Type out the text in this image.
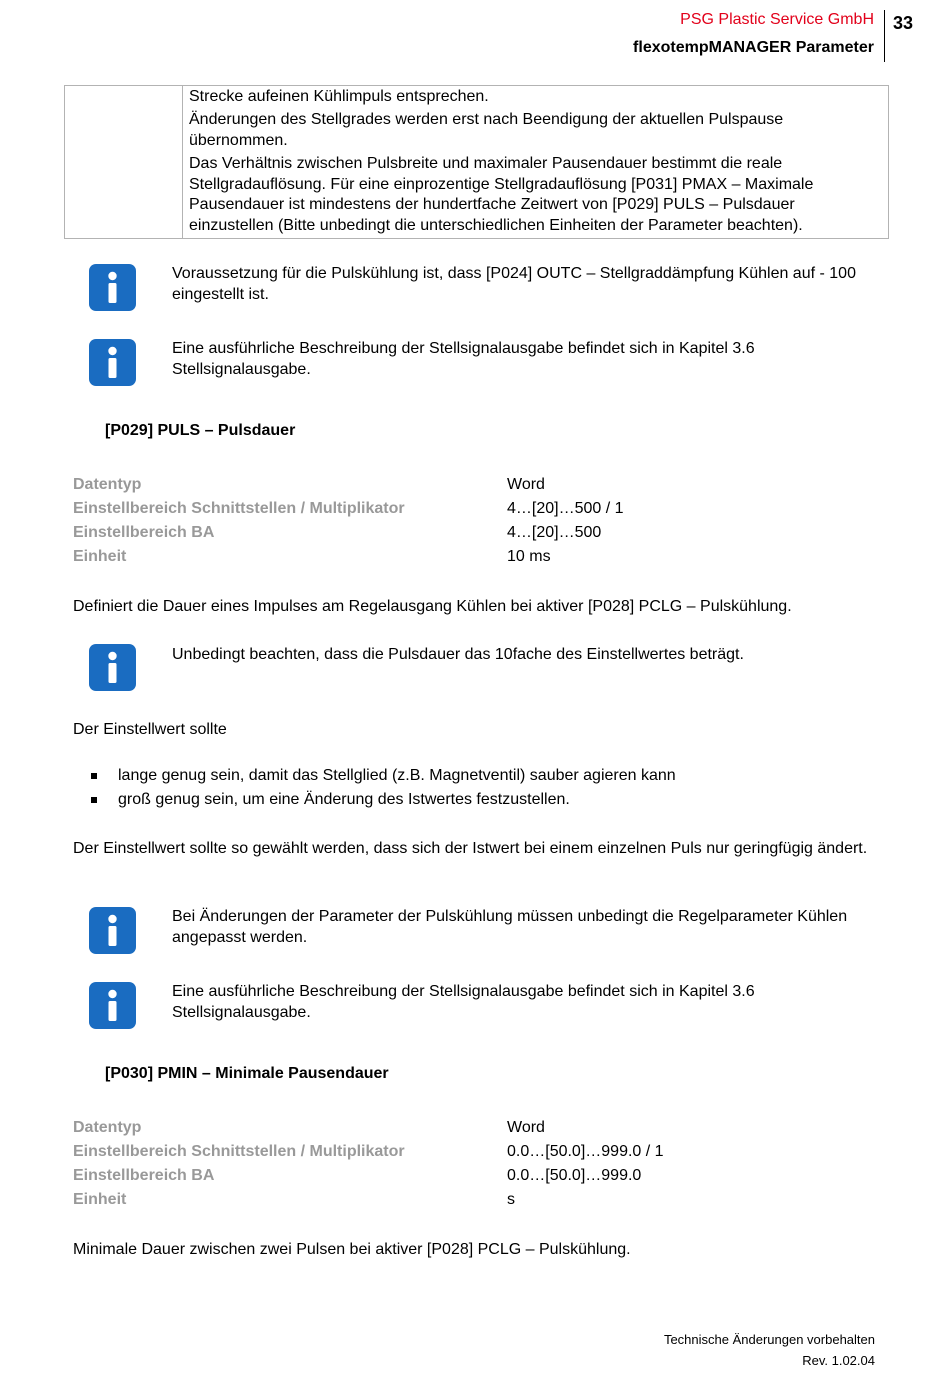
PSG Plastic Service GmbH
flexotempMANAGER Parameter
33
Strecke aufeinen Kühlimpuls entsprechen.
Änderungen des Stellgrades werden erst nach Beendigung der aktuellen Pulspause übernommen.
Das Verhältnis zwischen Pulsbreite und maximaler Pausendauer bestimmt die reale Stellgradauflösung. Für eine einprozentige Stellgradauflösung [P031] PMAX – Maximale Pausendauer ist mindestens der hundertfache Zeitwert von [P029] PULS – Pulsdauer einzustellen (Bitte unbedingt die unterschiedlichen Einheiten der Parameter beachten).
Voraussetzung für die Pulskühlung ist, dass [P024] OUTC – Stellgraddämpfung Kühlen auf - 100 eingestellt ist.
Eine ausführliche Beschreibung der Stellsignalausgabe befindet sich in Kapitel 3.6 Stellsignalausgabe.
[P029] PULS – Pulsdauer
Datentyp	Word
Einstellbereich Schnittstellen / Multiplikator	4…[20]…500 / 1
Einstellbereich BA	4…[20]…500
Einheit	10 ms
Definiert die Dauer eines Impulses am Regelausgang Kühlen bei aktiver [P028] PCLG – Pulskühlung.
Unbedingt beachten, dass die Pulsdauer das 10fache des Einstellwertes beträgt.
Der Einstellwert sollte
lange genug sein, damit das Stellglied (z.B. Magnetventil) sauber agieren kann
groß genug sein, um eine Änderung des Istwertes festzustellen.
Der Einstellwert sollte so gewählt werden, dass sich der Istwert bei einem einzelnen Puls nur geringfügig ändert.
Bei Änderungen der Parameter der Pulskühlung müssen unbedingt die Regelparameter Kühlen angepasst werden.
Eine ausführliche Beschreibung der Stellsignalausgabe befindet sich in Kapitel 3.6 Stellsignalausgabe.
[P030] PMIN – Minimale Pausendauer
Datentyp	Word
Einstellbereich Schnittstellen / Multiplikator	0.0…[50.0]…999.0 / 1
Einstellbereich BA	0.0…[50.0]…999.0
Einheit	s
Minimale Dauer zwischen zwei Pulsen bei aktiver [P028] PCLG – Pulskühlung.
Technische Änderungen vorbehalten
Rev. 1.02.04
